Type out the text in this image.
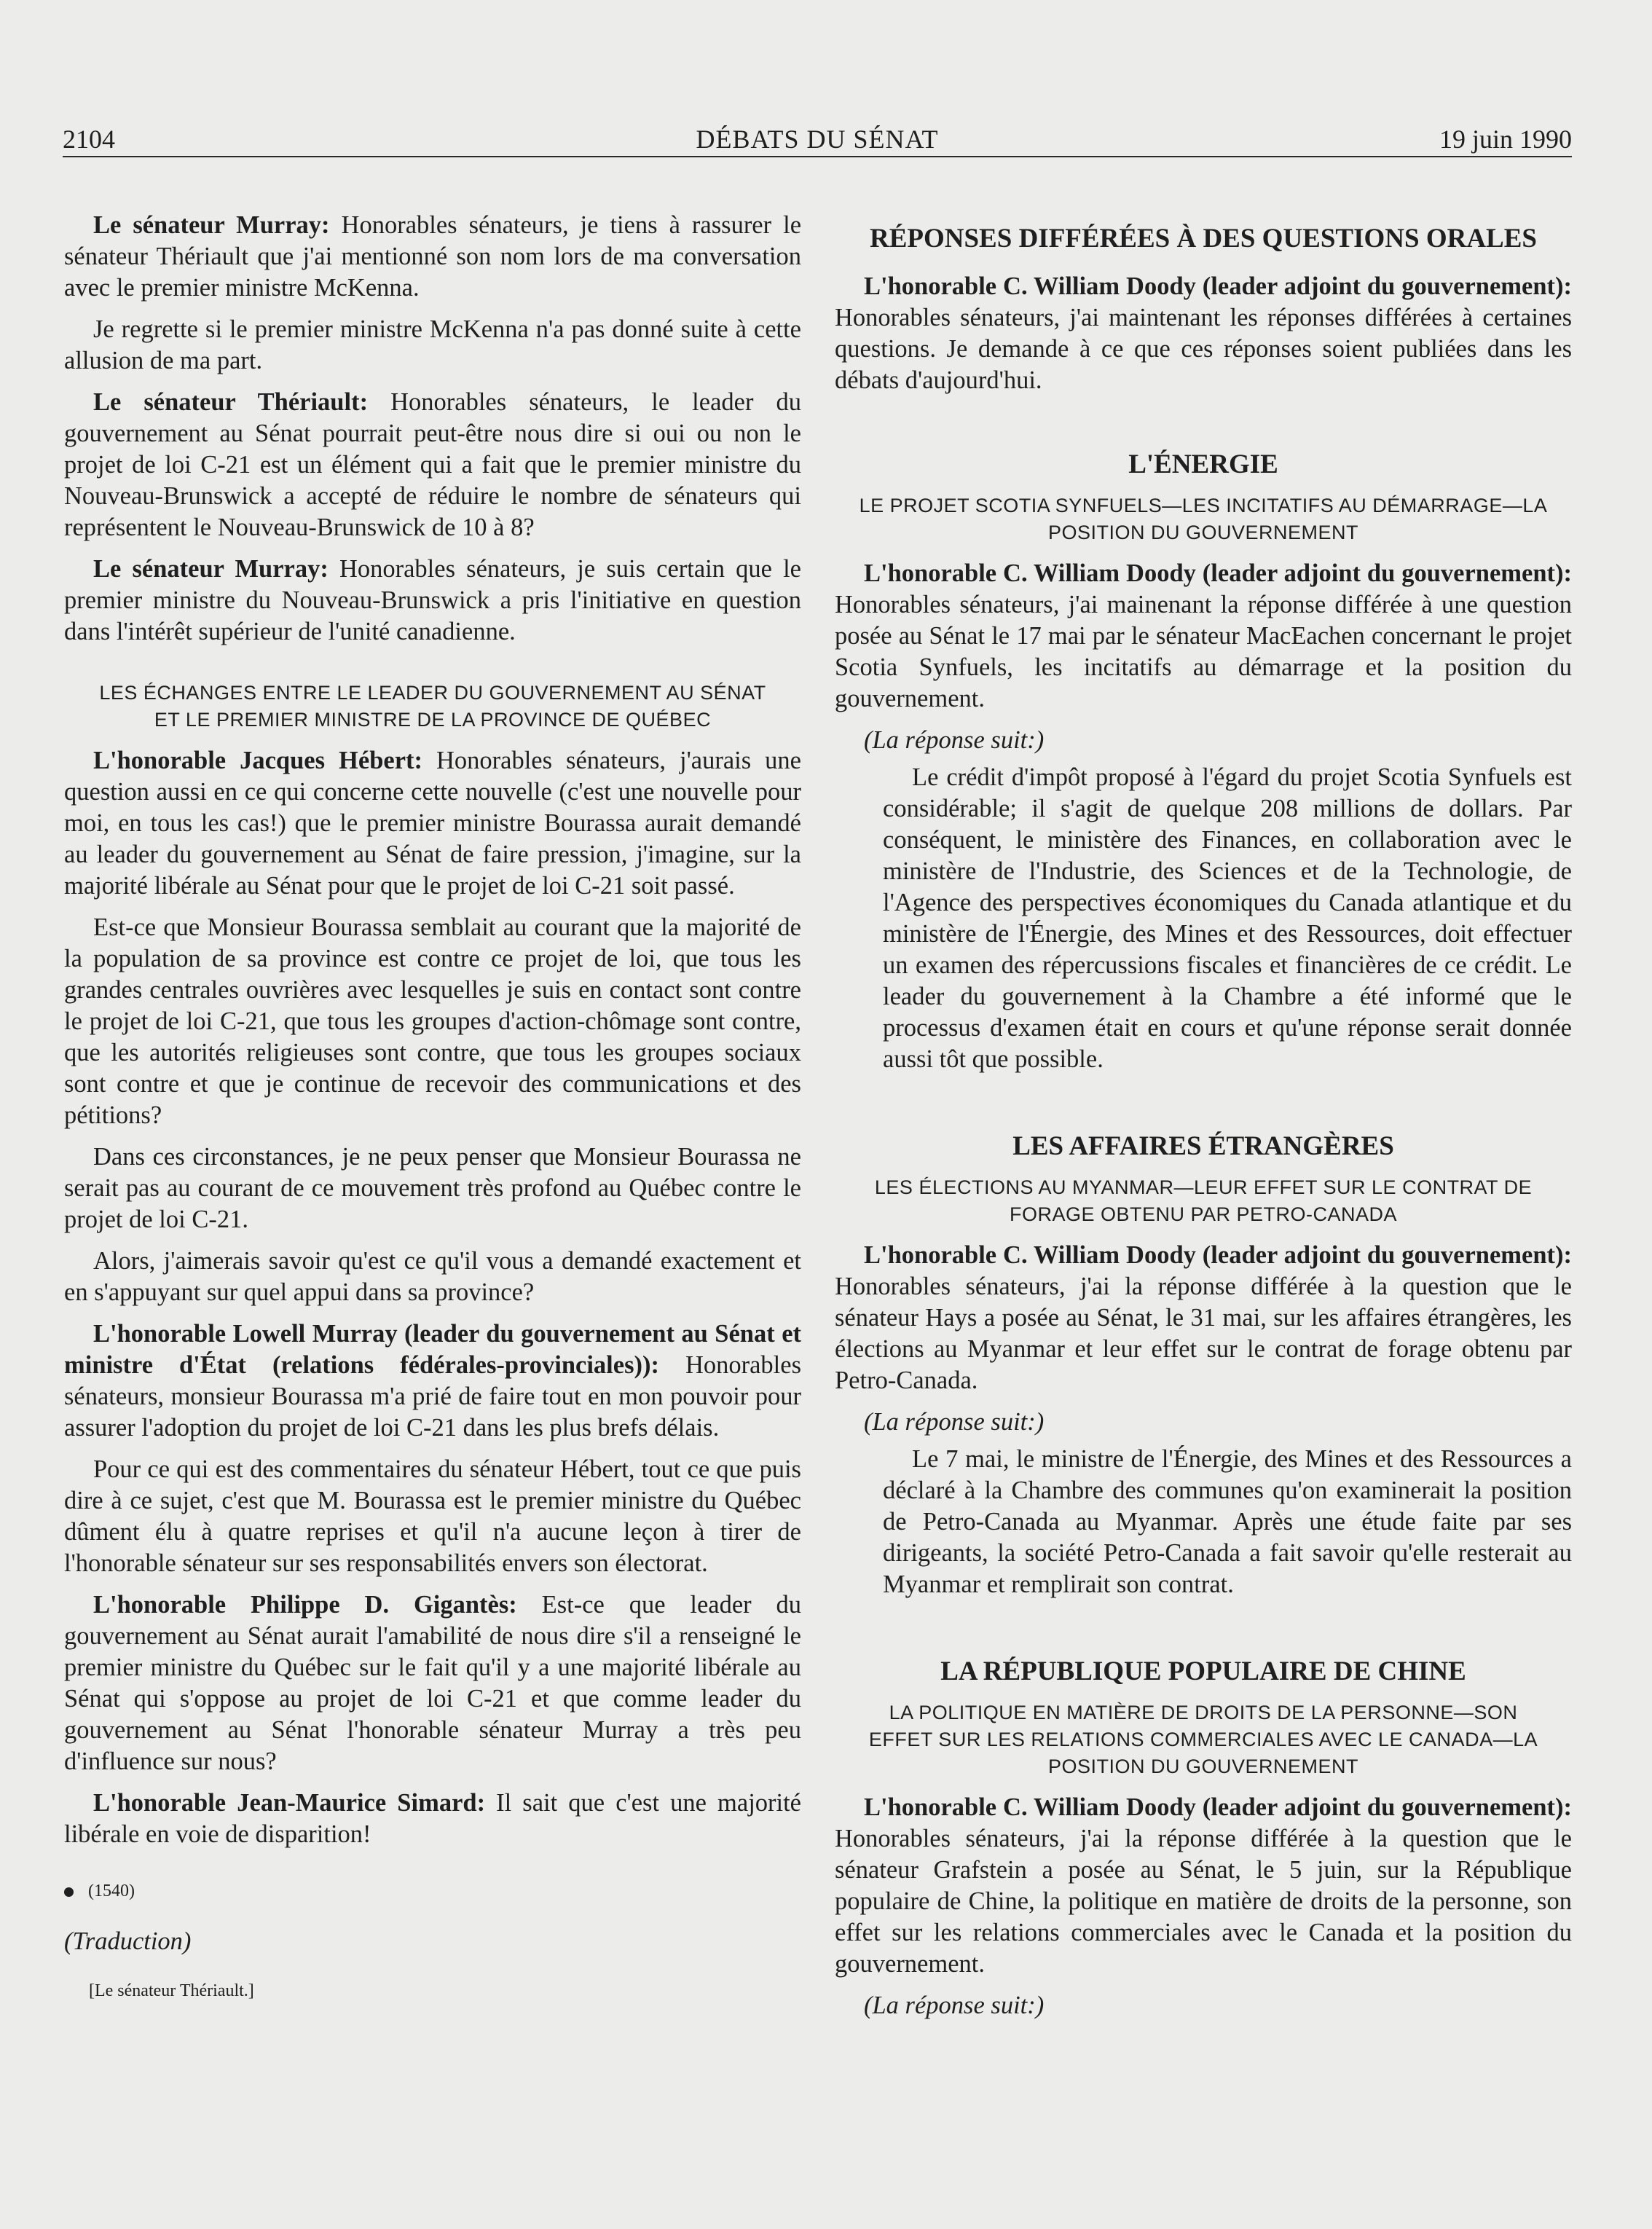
2104	DÉBATS DU SÉNAT	19 juin 1990

Le sénateur Murray: Honorables sénateurs, je tiens à rassurer le sénateur Thériault que j'ai mentionné son nom lors de ma conversation avec le premier ministre McKenna.

Je regrette si le premier ministre McKenna n'a pas donné suite à cette allusion de ma part.

Le sénateur Thériault: Honorables sénateurs, le leader du gouvernement au Sénat pourrait peut-être nous dire si oui ou non le projet de loi C-21 est un élément qui a fait que le premier ministre du Nouveau-Brunswick a accepté de réduire le nombre de sénateurs qui représentent le Nouveau-Brunswick de 10 à 8?

Le sénateur Murray: Honorables sénateurs, je suis certain que le premier ministre du Nouveau-Brunswick a pris l'initiative en question dans l'intérêt supérieur de l'unité canadienne.

LES ÉCHANGES ENTRE LE LEADER DU GOUVERNEMENT AU SÉNAT ET LE PREMIER MINISTRE DE LA PROVINCE DE QUÉBEC

L'honorable Jacques Hébert: Honorables sénateurs, j'aurais une question aussi en ce qui concerne cette nouvelle (c'est une nouvelle pour moi, en tous les cas!) que le premier ministre Bourassa aurait demandé au leader du gouvernement au Sénat de faire pression, j'imagine, sur la majorité libérale au Sénat pour que le projet de loi C-21 soit passé.

Est-ce que Monsieur Bourassa semblait au courant que la majorité de la population de sa province est contre ce projet de loi, que tous les grandes centrales ouvrières avec lesquelles je suis en contact sont contre le projet de loi C-21, que tous les groupes d'action-chômage sont contre, que les autorités religieuses sont contre, que tous les groupes sociaux sont contre et que je continue de recevoir des communications et des pétitions?

Dans ces circonstances, je ne peux penser que Monsieur Bourassa ne serait pas au courant de ce mouvement très profond au Québec contre le projet de loi C-21.

Alors, j'aimerais savoir qu'est ce qu'il vous a demandé exactement et en s'appuyant sur quel appui dans sa province?

L'honorable Lowell Murray (leader du gouvernement au Sénat et ministre d'État (relations fédérales-provinciales)): Honorables sénateurs, monsieur Bourassa m'a prié de faire tout en mon pouvoir pour assurer l'adoption du projet de loi C-21 dans les plus brefs délais.

Pour ce qui est des commentaires du sénateur Hébert, tout ce que puis dire à ce sujet, c'est que M. Bourassa est le premier ministre du Québec dûment élu à quatre reprises et qu'il n'a aucune leçon à tirer de l'honorable sénateur sur ses responsabilités envers son électorat.

L'honorable Philippe D. Gigantès: Est-ce que leader du gouvernement au Sénat aurait l'amabilité de nous dire s'il a renseigné le premier ministre du Québec sur le fait qu'il y a une majorité libérale au Sénat qui s'oppose au projet de loi C-21 et que comme leader du gouvernement au Sénat l'honorable sénateur Murray a très peu d'influence sur nous?

L'honorable Jean-Maurice Simard: Il sait que c'est une majorité libérale en voie de disparition!

(1540)
(Traduction)
[Le sénateur Thériault.]
RÉPONSES DIFFÉRÉES À DES QUESTIONS ORALES

L'honorable C. William Doody (leader adjoint du gouvernement): Honorables sénateurs, j'ai maintenant les réponses différées à certaines questions. Je demande à ce que ces réponses soient publiées dans les débats d'aujourd'hui.

L'ÉNERGIE
LE PROJET SCOTIA SYNFUELS—LES INCITATIFS AU DÉMARRAGE—LA POSITION DU GOUVERNEMENT

L'honorable C. William Doody (leader adjoint du gouvernement): Honorables sénateurs, j'ai mainenant la réponse différée à une question posée au Sénat le 17 mai par le sénateur MacEachen concernant le projet Scotia Synfuels, les incitatifs au démarrage et la position du gouvernement.

(La réponse suit:)

Le crédit d'impôt proposé à l'égard du projet Scotia Synfuels est considérable; il s'agit de quelque 208 millions de dollars. Par conséquent, le ministère des Finances, en collaboration avec le ministère de l'Industrie, des Sciences et de la Technologie, de l'Agence des perspectives économiques du Canada atlantique et du ministère de l'Énergie, des Mines et des Ressources, doit effectuer un examen des répercussions fiscales et financières de ce crédit. Le leader du gouvernement à la Chambre a été informé que le processus d'examen était en cours et qu'une réponse serait donnée aussi tôt que possible.

LES AFFAIRES ÉTRANGÈRES
LES ÉLECTIONS AU MYANMAR—LEUR EFFET SUR LE CONTRAT DE FORAGE OBTENU PAR PETRO-CANADA

L'honorable C. William Doody (leader adjoint du gouvernement): Honorables sénateurs, j'ai la réponse différée à la question que le sénateur Hays a posée au Sénat, le 31 mai, sur les affaires étrangères, les élections au Myanmar et leur effet sur le contrat de forage obtenu par Petro-Canada.

(La réponse suit:)

Le 7 mai, le ministre de l'Énergie, des Mines et des Ressources a déclaré à la Chambre des communes qu'on examinerait la position de Petro-Canada au Myanmar. Après une étude faite par ses dirigeants, la société Petro-Canada a fait savoir qu'elle resterait au Myanmar et remplirait son contrat.

LA RÉPUBLIQUE POPULAIRE DE CHINE
LA POLITIQUE EN MATIÈRE DE DROITS DE LA PERSONNE—SON EFFET SUR LES RELATIONS COMMERCIALES AVEC LE CANADA—LA POSITION DU GOUVERNEMENT

L'honorable C. William Doody (leader adjoint du gouvernement): Honorables sénateurs, j'ai la réponse différée à la question que le sénateur Grafstein a posée au Sénat, le 5 juin, sur la République populaire de Chine, la politique en matière de droits de la personne, son effet sur les relations commerciales avec le Canada et la position du gouvernement.

(La réponse suit:)
